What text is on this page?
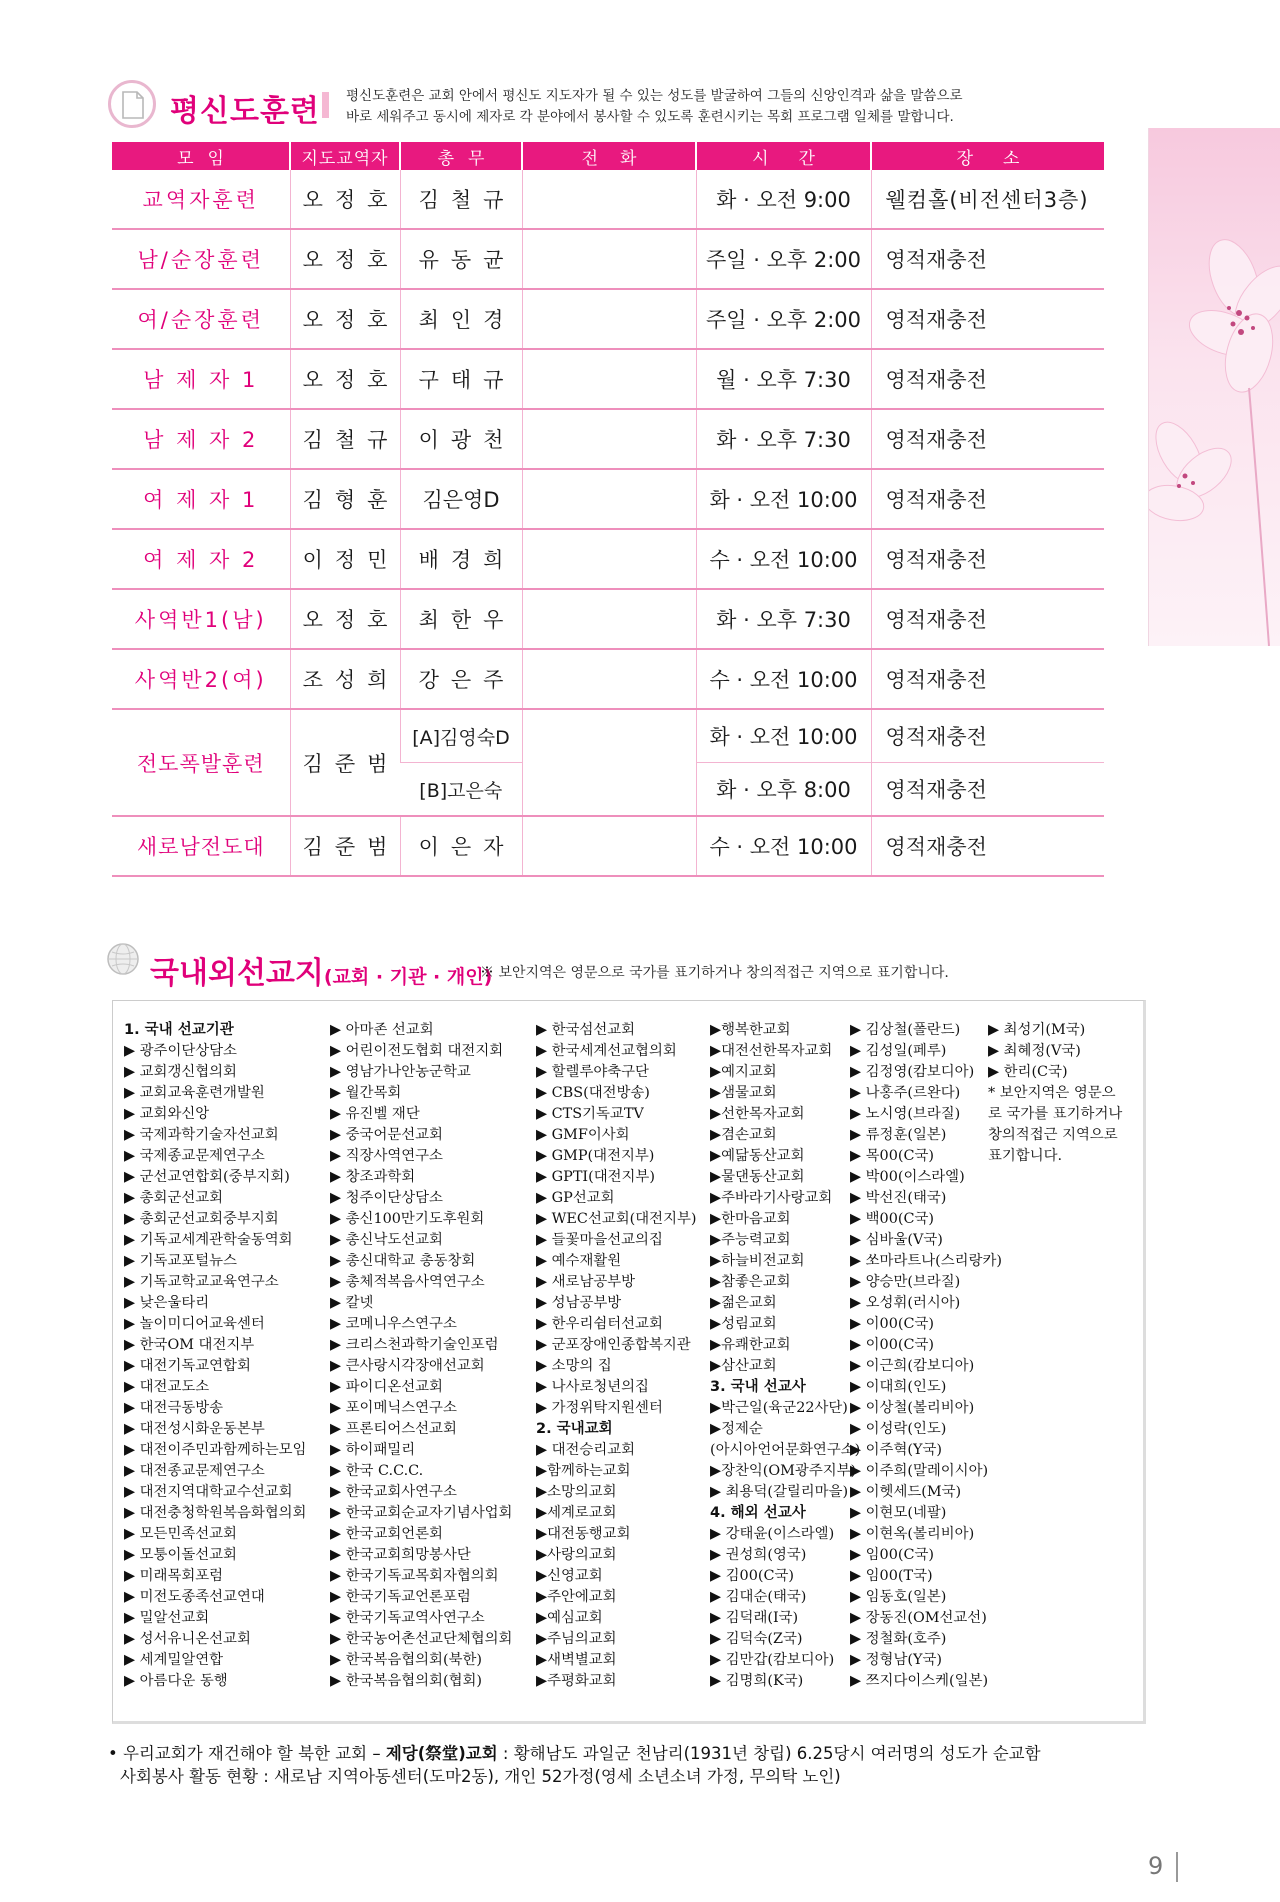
평신도훈련 평신도훈련은 교회 안에서 평신도 지도자가 될 수 있는 성도를 발굴하여 그들의 신앙인격과 삶을 말씀으로
바로 세워주고 동시에 제자로 각 분야에서 봉사할 수 있도록 훈련시키는 목회 프로그램 일체를 말합니다.
모임	지도교역자	총무	전화	시간	장소
교역자훈련	오정호	김철규		화 · 오전 9:00	웰컴홀(비전센터3층)
남/순장훈련	오정호	유동균		주일 · 오후 2:00	영적재충전
여/순장훈련	오정호	최인경		주일 · 오후 2:00	영적재충전
남 제 자 1	오정호	구태규		월 · 오후 7:30	영적재충전
남 제 자 2	김철규	이광천		화 · 오후 7:30	영적재충전
여 제 자 1	김형훈	김은영D		화 · 오전 10:00	영적재충전
여 제 자 2	이정민	배경희		수 · 오전 10:00	영적재충전
사역반1(남)	오정호	최한우		화 · 오후 7:30	영적재충전
사역반2(여)	조성희	강은주		수 · 오전 10:00	영적재충전
전도폭발훈련	김준범	[A]김영숙D		화 · 오전 10:00	영적재충전
		[B]고은숙		화 · 오후 8:00	영적재충전
새로남전도대	김준범	이은자		수 · 오전 10:00	영적재충전
국내외선교지(교회 · 기관 · 개인)
※ 보안지역은 영문으로 국가를 표기하거나 창의적접근 지역으로 표기합니다.
1. 국내 선교기관
▶ 광주이단상담소
▶ 교회갱신협의회
▶ 교회교육훈련개발원
▶ 교회와신앙
▶ 국제과학기술자선교회
▶ 국제종교문제연구소
▶ 군선교연합회(중부지회)
▶ 총회군선교회
▶ 총회군선교회중부지회
▶ 기독교세계관학술동역회
▶ 기독교포털뉴스
▶ 기독교학교교육연구소
▶ 낮은울타리
▶ 놀이미디어교육센터
▶ 한국OM 대전지부
▶ 대전기독교연합회
▶ 대전교도소
▶ 대전극동방송
▶ 대전성시화운동본부
▶ 대전이주민과함께하는모임
▶ 대전종교문제연구소
▶ 대전지역대학교수선교회
▶ 대전충청학원복음화협의회
▶ 모든민족선교회
▶ 모퉁이돌선교회
▶ 미래목회포럼
▶ 미전도종족선교연대
▶ 밀알선교회
▶ 성서유니온선교회
▶ 세계밀알연합
▶ 아름다운 동행
▶ 아마존 선교회
▶ 어린이전도협회 대전지회
▶ 영남가나안농군학교
▶ 월간목회
▶ 유진벨 재단
▶ 중국어문선교회
▶ 직장사역연구소
▶ 창조과학회
▶ 청주이단상담소
▶ 총신100만기도후원회
▶ 총신낙도선교회
▶ 총신대학교 총동창회
▶ 총체적복음사역연구소
▶ 칼넷
▶ 코메니우스연구소
▶ 크리스천과학기술인포럼
▶ 큰사랑시각장애선교회
▶ 파이디온선교회
▶ 포이메닉스연구소
▶ 프론티어스선교회
▶ 하이패밀리
▶ 한국 C.C.C.
▶ 한국교회사연구소
▶ 한국교회순교자기념사업회
▶ 한국교회언론회
▶ 한국교회희망봉사단
▶ 한국기독교목회자협의회
▶ 한국기독교언론포럼
▶ 한국기독교역사연구소
▶ 한국농어촌선교단체협의회
▶ 한국복음협의회(북한)
▶ 한국복음협의회(협회)
▶ 한국섬선교회
▶ 한국세계선교협의회
▶ 할렐루야축구단
▶ CBS(대전방송)
▶ CTS기독교TV
▶ GMF이사회
▶ GMP(대전지부)
▶ GPTI(대전지부)
▶ GP선교회
▶ WEC선교회(대전지부)
▶ 들꽃마을선교의집
▶ 예수재활원
▶ 새로남공부방
▶ 성남공부방
▶ 한우리쉼터선교회
▶ 군포장애인종합복지관
▶ 소망의 집
▶ 나사로청년의집
▶ 가정위탁지원센터
2. 국내교회
▶ 대전승리교회
▶함께하는교회
▶소망의교회
▶세계로교회
▶대전동행교회
▶사랑의교회
▶신영교회
▶주안에교회
▶예심교회
▶주님의교회
▶새벽별교회
▶주평화교회
▶행복한교회
▶대전선한목자교회
▶예지교회
▶샘물교회
▶선한목자교회
▶겸손교회
▶예닮동산교회
▶물댄동산교회
▶주바라기사랑교회
▶한마음교회
▶주능력교회
▶하늘비전교회
▶참좋은교회
▶젊은교회
▶성림교회
▶유쾌한교회
▶삼산교회
3. 국내 선교사
▶박근일(육군22사단)
▶정제순
(아시아언어문화연구소)
▶장찬익(OM광주지부)
▶ 최용덕(갈릴리마을)
4. 해외 선교사
▶ 강태윤(이스라엘)
▶ 권성희(영국)
▶ 김00(C국)
▶ 김대순(태국)
▶ 김덕래(I국)
▶ 김덕숙(Z국)
▶ 김만갑(캄보디아)
▶ 김명희(K국)
▶ 김상철(폴란드)
▶ 김성일(페루)
▶ 김정영(캄보디아)
▶ 나홍주(르완다)
▶ 노시영(브라질)
▶ 류정훈(일본)
▶ 목00(C국)
▶ 박00(이스라엘)
▶ 박선진(태국)
▶ 백00(C국)
▶ 심바울(V국)
▶ 쏘마라트나(스리랑카)
▶ 양승만(브라질)
▶ 오성휘(러시아)
▶ 이00(C국)
▶ 이00(C국)
▶ 이근희(캄보디아)
▶ 이대희(인도)
▶ 이상철(볼리비아)
▶ 이성락(인도)
▶ 이주혁(Y국)
▶ 이주희(말레이시아)
▶ 이헷세드(M국)
▶ 이현모(네팔)
▶ 이현옥(볼리비아)
▶ 임00(C국)
▶ 임00(T국)
▶ 임동호(일본)
▶ 장동진(OM선교선)
▶ 정철화(호주)
▶ 정형남(Y국)
▶ 쯔지다이스케(일본)
▶ 최성기(M국)
▶ 최혜정(V국)
▶ 한리(C국)
* 보안지역은 영문으
로 국가를 표기하거나
창의적접근 지역으로
표기합니다.
• 우리교회가 재건해야 할 북한 교회 – 제당(祭堂)교회 : 황해남도 과일군 천남리(1931년 창립) 6.25당시 여러명의 성도가 순교함
사회봉사 활동 현황 : 새로남 지역아동센터(도마2동), 개인 52가정(영세 소년소녀 가정, 무의탁 노인)
9
